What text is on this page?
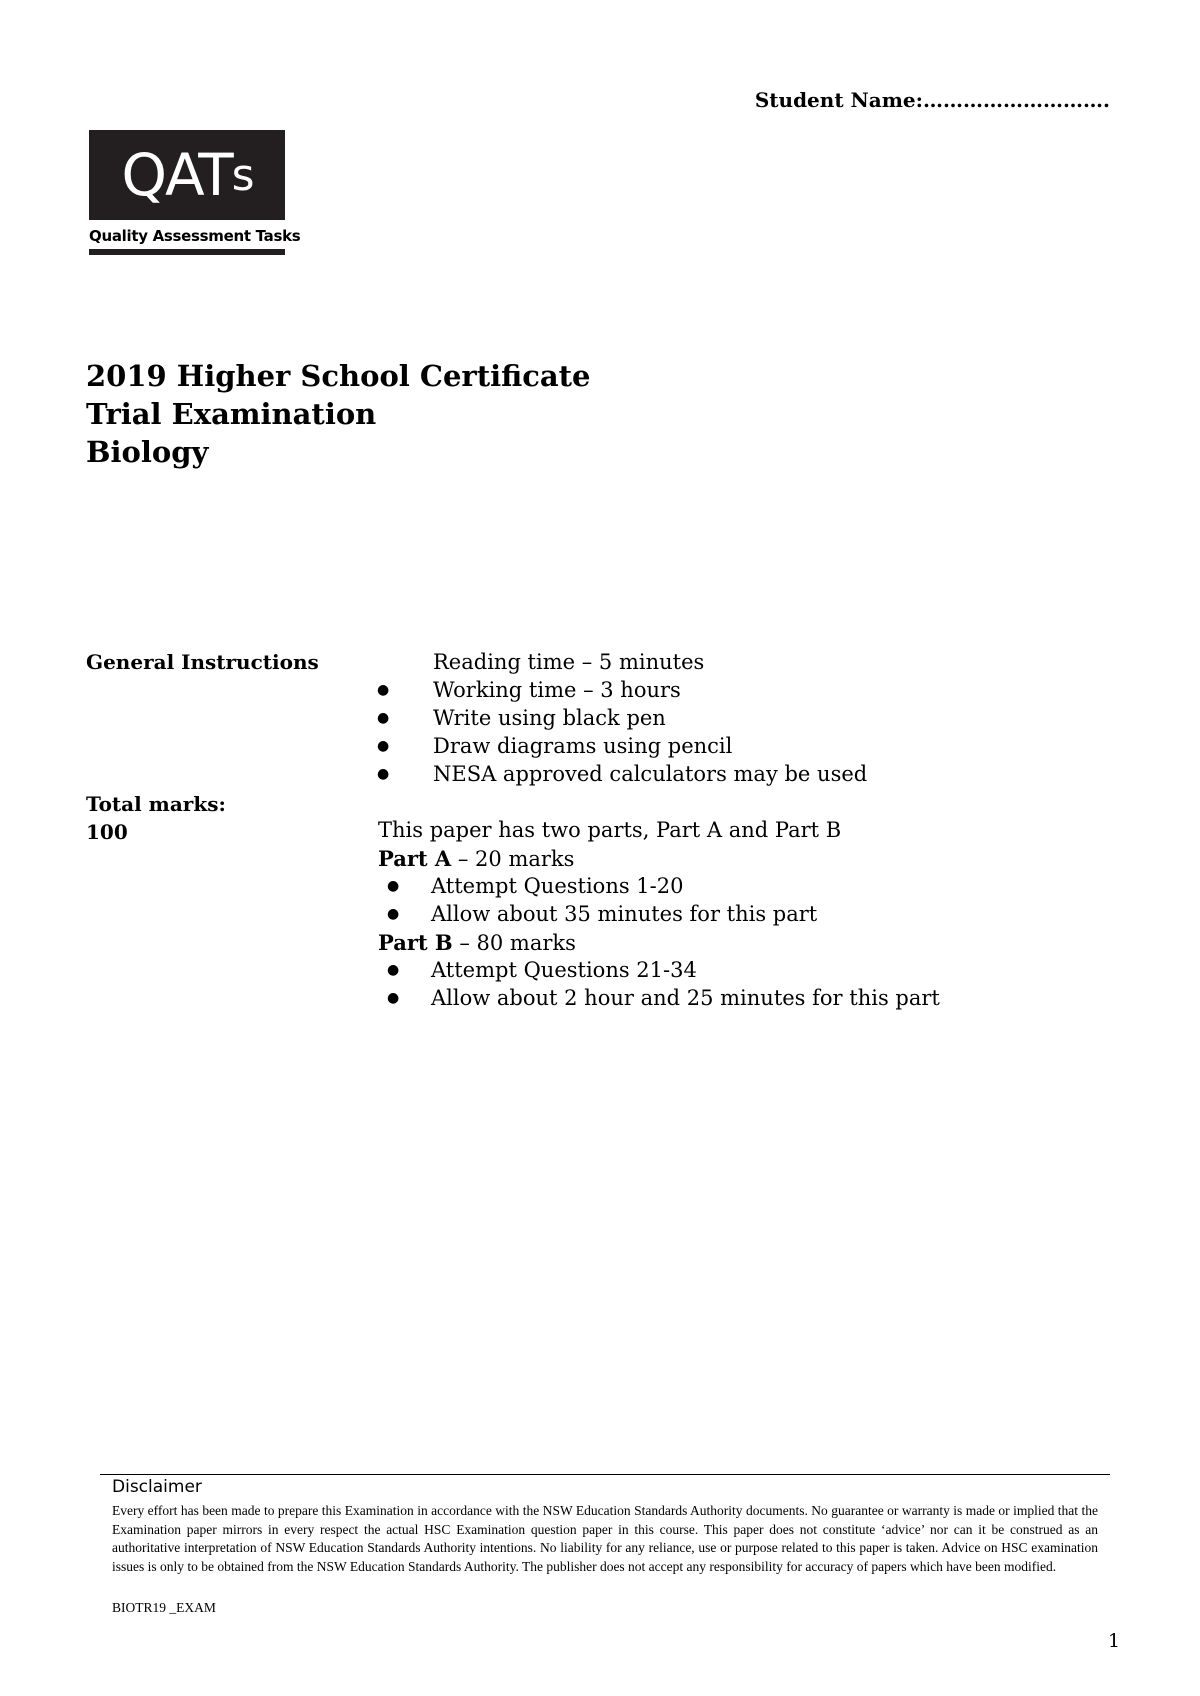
Student Name:……………………….
QAT s
Quality Assessment Tasks
2019 Higher School Certificate
Trial Examination
Biology
General Instructions	Reading time – 5 minutes
● Working time – 3 hours
● Write using black pen
● Draw diagrams using pencil
● NESA approved calculators may be used
Total marks:
100	This paper has two parts, Part A and Part B
Part A – 20 marks
● Attempt Questions 1-20
● Allow about 35 minutes for this part
Part B – 80 marks
● Attempt Questions 21-34
● Allow about 2 hour and 25 minutes for this part
Disclaimer
Every effort has been made to prepare this Examination in accordance with the NSW Education Standards Authority documents. No guarantee or warranty is made or implied that the Examination paper mirrors in every respect the actual HSC Examination question paper in this course. This paper does not constitute ‘advice’ nor can it be construed as an authoritative interpretation of NSW Education Standards Authority intentions. No liability for any reliance, use or purpose related to this paper is taken. Advice on HSC examination issues is only to be obtained from the NSW Education Standards Authority. The publisher does not accept any responsibility for accuracy of papers which have been modified.
BIOTR19 _EXAM
1
